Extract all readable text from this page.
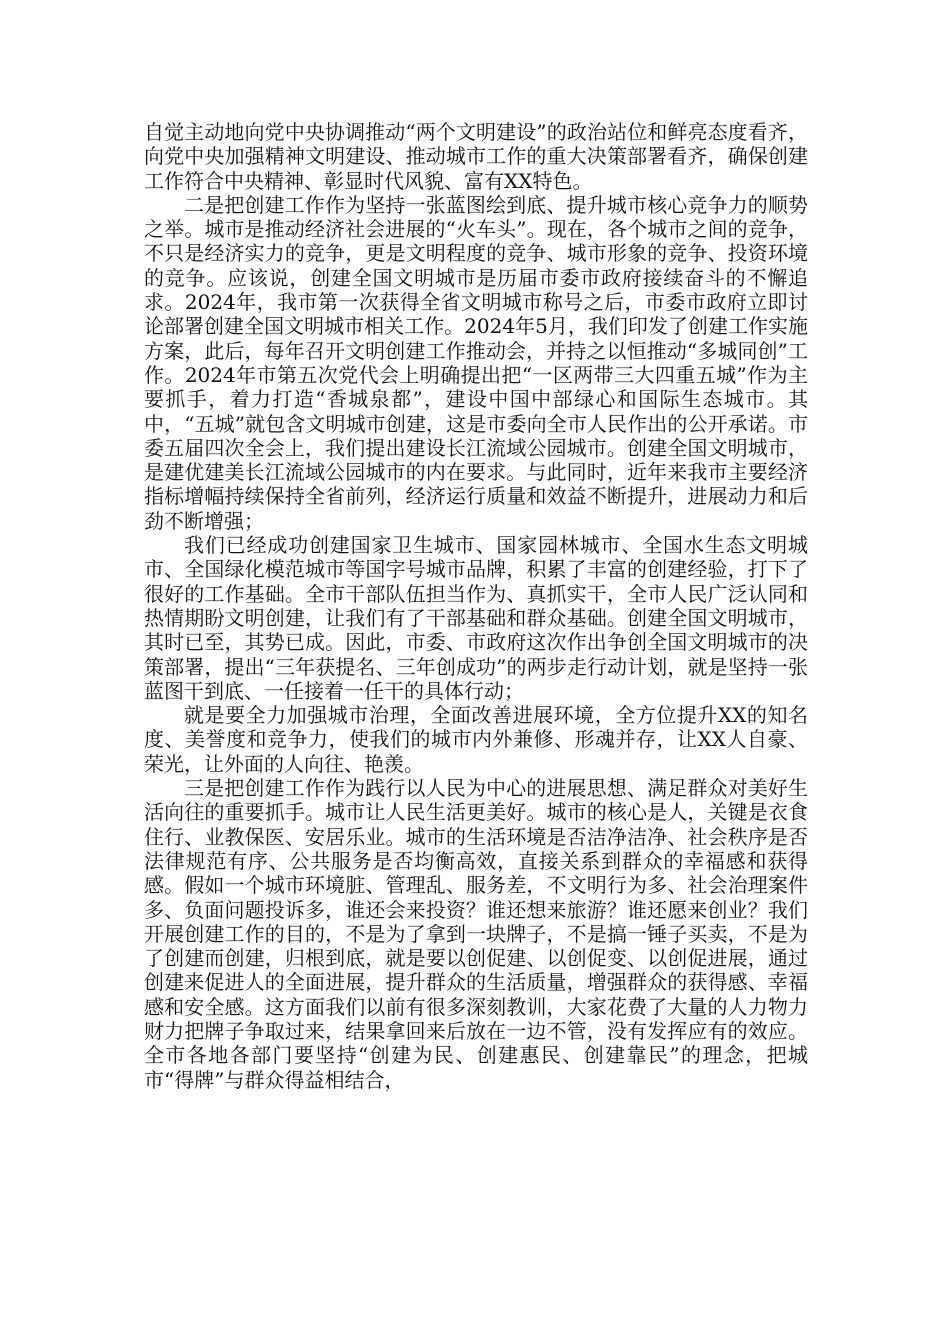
自觉主动地向党中央协调推动“两个文明建设”的政治站位和鲜亮态度看齐，向党中央加强精神文明建设、推动城市工作的重大决策部署看齐，确保创建工作符合中央精神、彰显时代风貌、富有XX特色。

二是把创建工作作为坚持一张蓝图绘到底、提升城市核心竞争力的顺势之举。城市是推动经济社会进展的“火车头”。现在，各个城市之间的竞争，不只是经济实力的竞争，更是文明程度的竞争、城市形象的竞争、投资环境的竞争。应该说，创建全国文明城市是历届市委市政府接续奋斗的不懈追求。2024年，我市第一次获得全省文明城市称号之后，市委市政府立即讨论部署创建全国文明城市相关工作。2024年5月，我们印发了创建工作实施方案，此后，每年召开文明创建工作推动会，并持之以恒推动“多城同创”工作。2024年市第五次党代会上明确提出把“一区两带三大四重五城”作为主要抓手，着力打造“香城泉都”，建设中国中部绿心和国际生态城市。其中，“五城”就包含文明城市创建，这是市委向全市人民作出的公开承诺。市委五届四次全会上，我们提出建设长江流域公园城市。创建全国文明城市，是建优建美长江流域公园城市的内在要求。与此同时，近年来我市主要经济指标增幅持续保持全省前列，经济运行质量和效益不断提升，进展动力和后劲不断增强；

我们已经成功创建国家卫生城市、国家园林城市、全国水生态文明城市、全国绿化模范城市等国字号城市品牌，积累了丰富的创建经验，打下了很好的工作基础。全市干部队伍担当作为、真抓实干，全市人民广泛认同和热情期盼文明创建，让我们有了干部基础和群众基础。创建全国文明城市，其时已至，其势已成。因此，市委、市政府这次作出争创全国文明城市的决策部署，提出“三年获提名、三年创成功”的两步走行动计划，就是坚持一张蓝图干到底、一任接着一任干的具体行动；

就是要全力加强城市治理，全面改善进展环境，全方位提升XX的知名度、美誉度和竞争力，使我们的城市内外兼修、形魂并存，让XX人自豪、荣光，让外面的人向往、艳羡。

三是把创建工作作为践行以人民为中心的进展思想、满足群众对美好生活向往的重要抓手。城市让人民生活更美好。城市的核心是人，关键是衣食住行、业教保医、安居乐业。城市的生活环境是否洁净洁净、社会秩序是否法律规范有序、公共服务是否均衡高效，直接关系到群众的幸福感和获得感。假如一个城市环境脏、管理乱、服务差，不文明行为多、社会治理案件多、负面问题投诉多，谁还会来投资？谁还想来旅游？谁还愿来创业？我们开展创建工作的目的，不是为了拿到一块牌子，不是搞一锤子买卖，不是为了创建而创建，归根到底，就是要以创促建、以创促变、以创促进展，通过创建来促进人的全面进展，提升群众的生活质量，增强群众的获得感、幸福感和安全感。这方面我们以前有很多深刻教训，大家花费了大量的人力物力财力把牌子争取过来，结果拿回来后放在一边不管，没有发挥应有的效应。全市各地各部门要坚持“创建为民、创建惠民、创建靠民”的理念，把城市“得牌”与群众得益相结合，
